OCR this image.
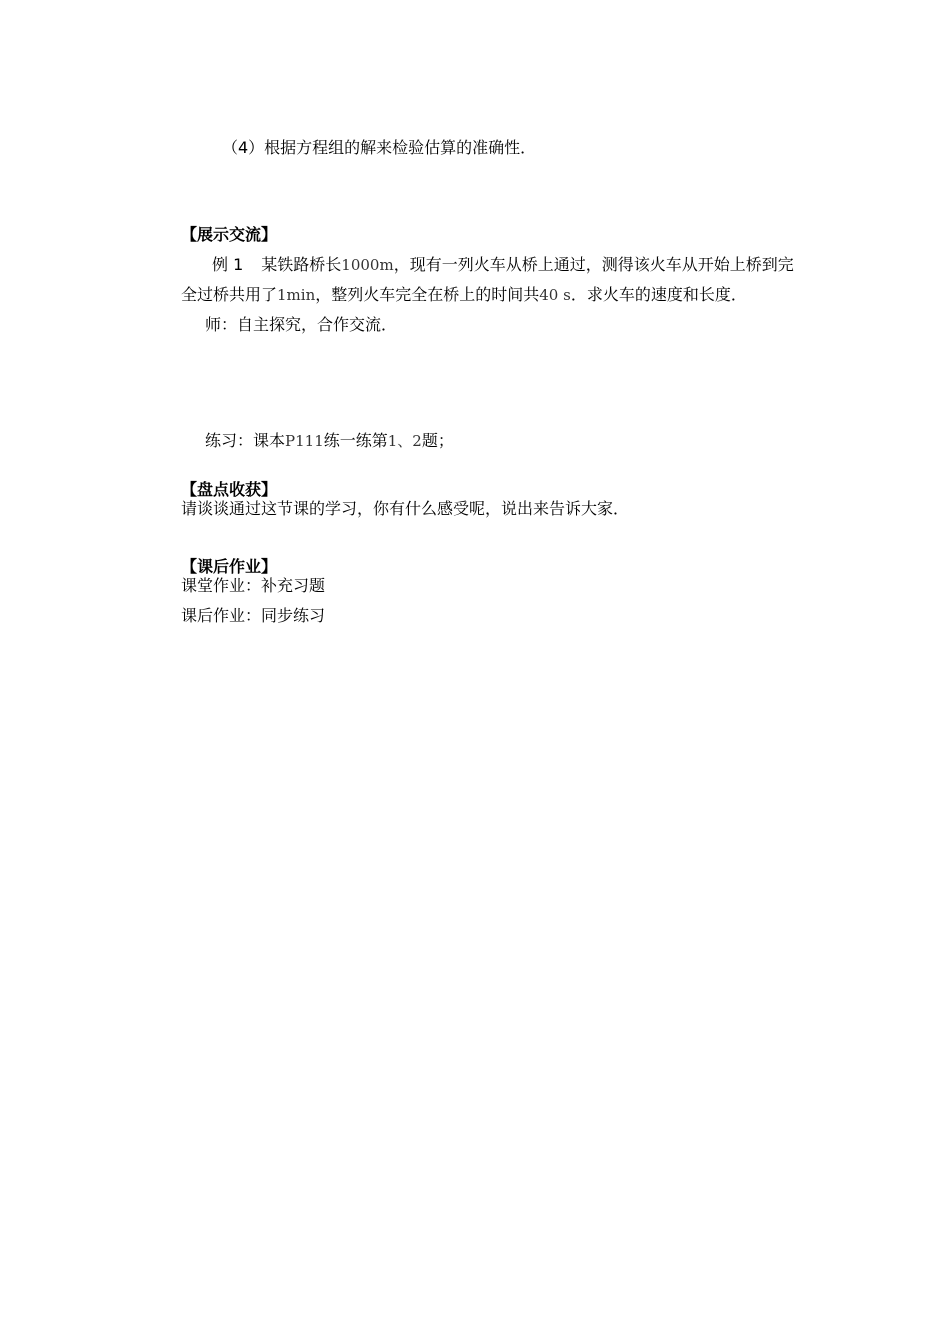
（4）根据方程组的解来检验估算的准确性．
【展示交流】
例 1 某铁路桥长1000m，现有一列火车从桥上通过，测得该火车从开始上桥到完
全过桥共用了1min，整列火车完全在桥上的时间共40 s．求火车的速度和长度．
师：自主探究，合作交流．
练习：课本P111练一练第1、2题；
【盘点收获】
请谈谈通过这节课的学习，你有什么感受呢，说出来告诉大家．
【课后作业】
课堂作业：补充习题
课后作业：同步练习
